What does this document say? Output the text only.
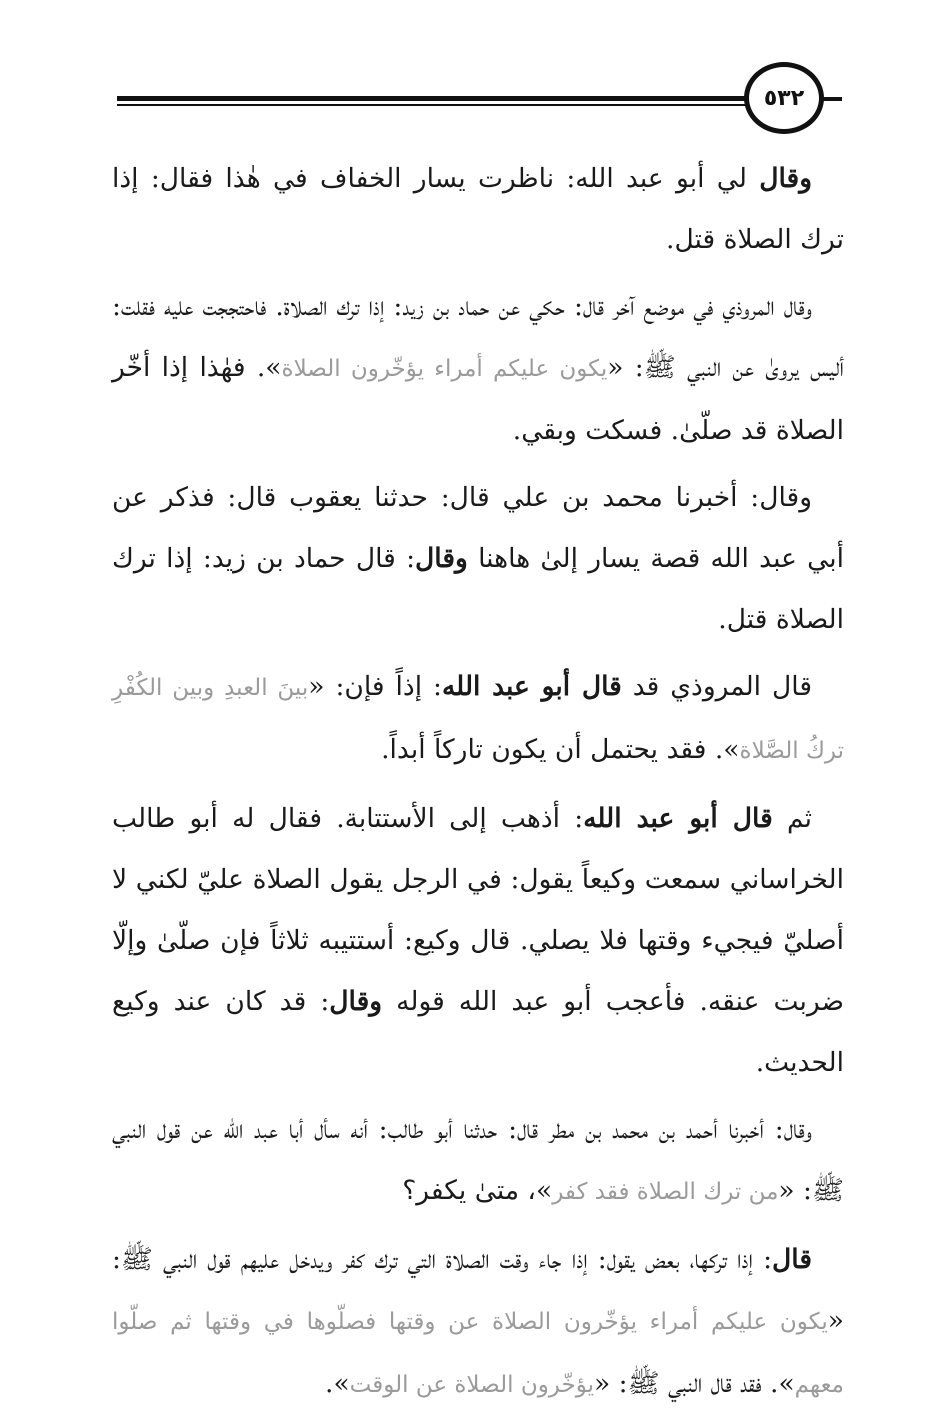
٥٣٢

وقال لي أبو عبد الله: ناظرت يسار الخفاف في هٰذا فقال: إذا ترك الصلاة قتل.

وقال المروذي في موضع آخر قال: حكي عن حماد بن زيد: إذا ترك الصلاة. فاحتججت عليه فقلت: أليس يروىٰ عن النبي ﷺ: «يكون عليكم أمراء يؤخّرون الصلاة». فهٰذا إذا أخّر الصلاة قد صلّىٰ. فسكت وبقي.

وقال: أخبرنا محمد بن علي قال: حدثنا يعقوب قال: فذكر عن أبي عبد الله قصة يسار إلىٰ هاهنا وقال: قال حماد بن زيد: إذا ترك الصلاة قتل.

قال المروذي قد قال أبو عبد الله: إذاً فإن: «بينَ العبدِ وبين الكُفْرِ تركُ الصَّلاة». فقد يحتمل أن يكون تاركاً أبداً.

ثم قال أبو عبد الله: أذهب إلى الأستتابة. فقال له أبو طالب الخراساني سمعت وكيعاً يقول: في الرجل يقول الصلاة عليّ لكني لا أصليّ فيجيء وقتها فلا يصلي. قال وكيع: أستتيبه ثلاثاً فإن صلّىٰ وإلّا ضربت عنقه. فأعجب أبو عبد الله قوله وقال: قد كان عند وكيع الحديث.

وقال: أخبرنا أحمد بن محمد بن مطر قال: حدثنا أبو طالب: أنه سأل أبا عبد الله عن قول النبي ﷺ: «من ترك الصلاة فقد كفر»، متىٰ يكفر؟

قال: إذا تركها، بعض يقول: إذا جاء وقت الصلاة التي ترك كفر ويدخل عليهم قول النبي ﷺ: «يكون عليكم أمراء يؤخّرون الصلاة عن وقتها فصلّوها في وقتها ثم صلّوا معهم». فقد قال النبي ﷺ: «يؤخّرون الصلاة عن الوقت».
